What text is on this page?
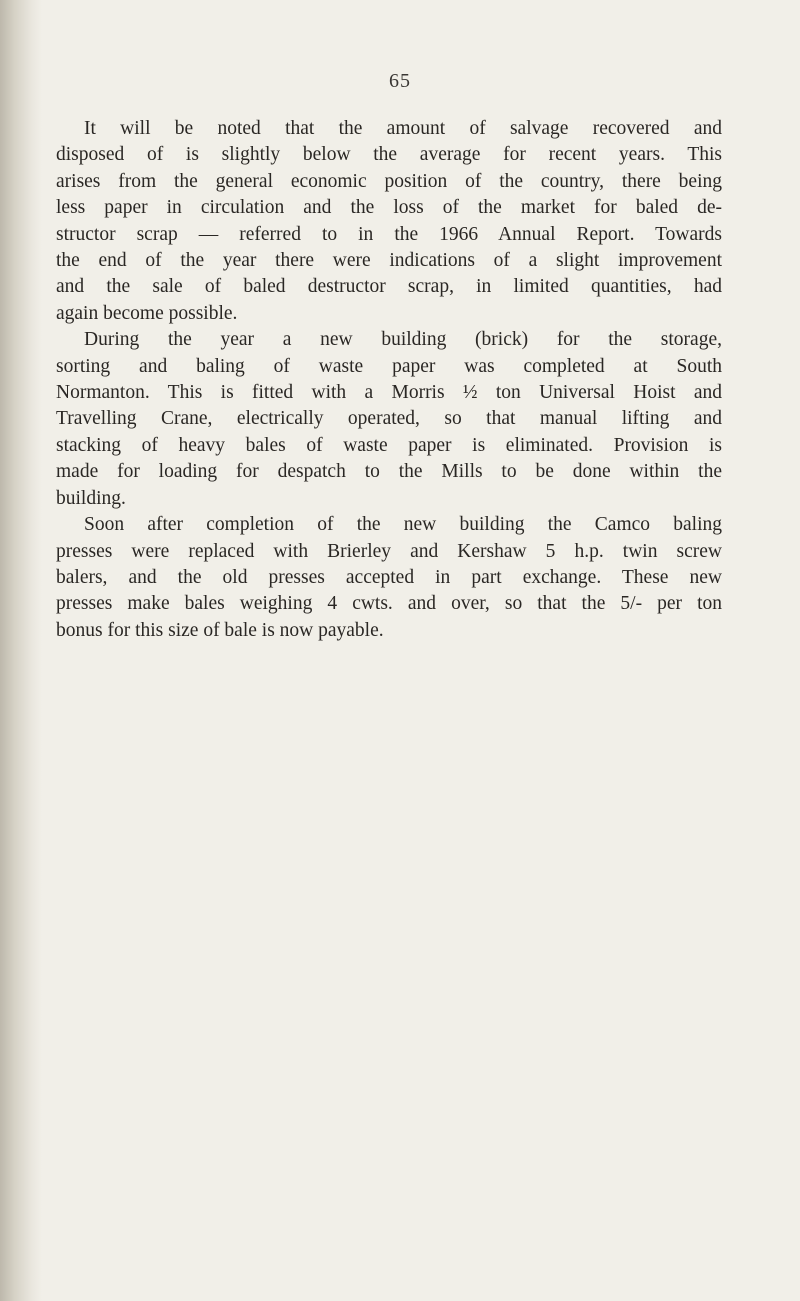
65

It will be noted that the amount of salvage recovered and
disposed of is slightly below the average for recent years. This
arises from the general economic position of the country, there being
less paper in circulation and the loss of the market for baled de-
structor scrap — referred to in the 1966 Annual Report. Towards
the end of the year there were indications of a slight improvement
and the sale of baled destructor scrap, in limited quantities, had
again become possible.

During the year a new building (brick) for the storage,
sorting and baling of waste paper was completed at South
Normanton. This is fitted with a Morris ½ ton Universal Hoist and
Travelling Crane, electrically operated, so that manual lifting and
stacking of heavy bales of waste paper is eliminated. Provision is
made for loading for despatch to the Mills to be done within the
building.

Soon after completion of the new building the Camco baling
presses were replaced with Brierley and Kershaw 5 h.p. twin screw
balers, and the old presses accepted in part exchange. These new
presses make bales weighing 4 cwts. and over, so that the 5/- per ton
bonus for this size of bale is now payable.
